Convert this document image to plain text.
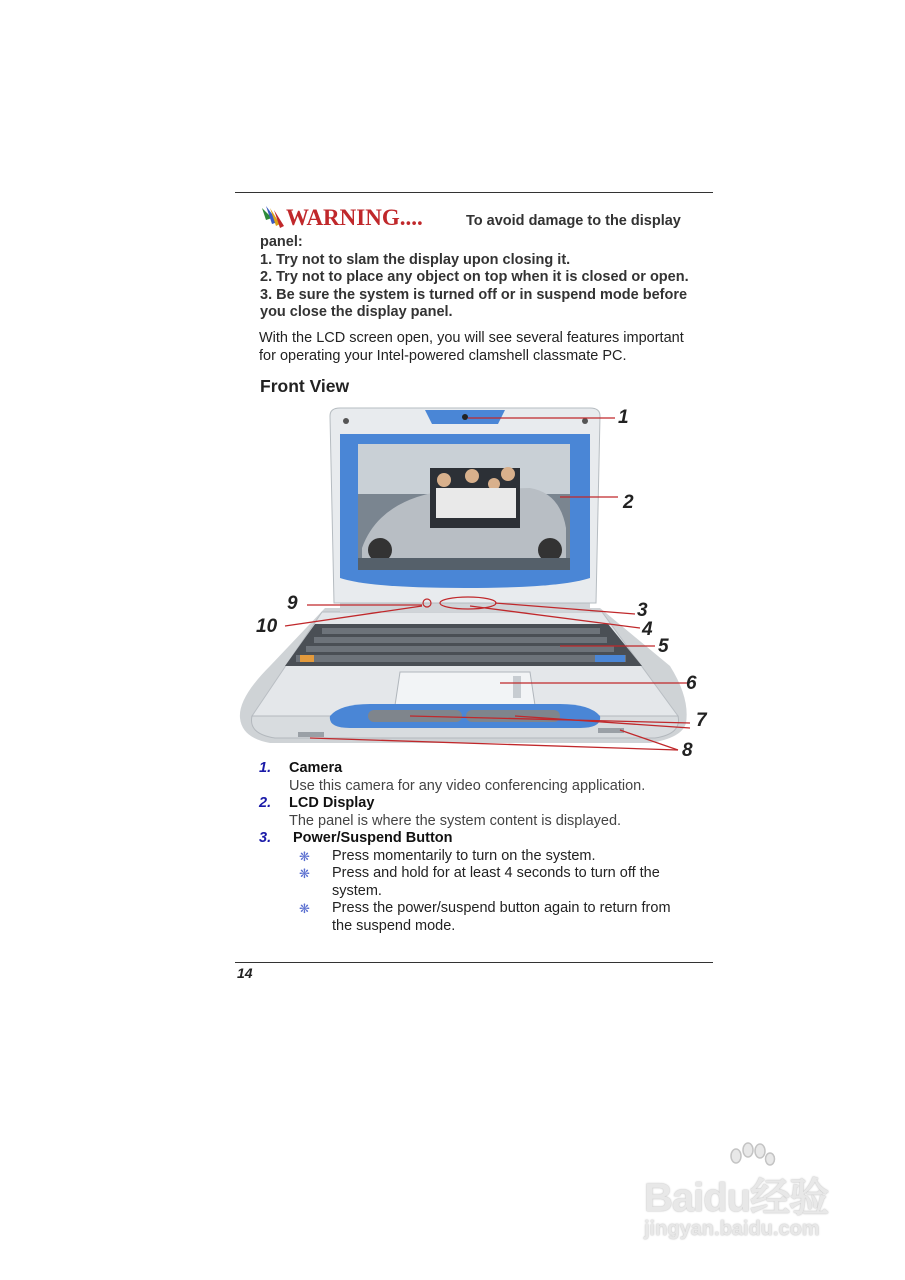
WARNING....	To avoid damage to the display

panel:

1. Try not to slam the display upon closing it.

2. Try not to place any object on top when it is closed or open.

3. Be sure the system is turned off or in suspend mode before

you close the display panel.

With the LCD screen open, you will see several features important
for operating your Intel-powered clamshell classmate PC.
Front View
1
2
3
4
5
6
7
8
9
10
1. Camera
Use this camera for any video conferencing application.
2. LCD Display
The panel is where the system content is displayed.
3. Power/Suspend Button
❋ Press momentarily to turn on the system.
❋ Press and hold for at least 4 seconds to turn off the
system.
❋ Press the power/suspend button again to return from
the suspend mode.
14
Baidu经验
jingyan.baidu.com
